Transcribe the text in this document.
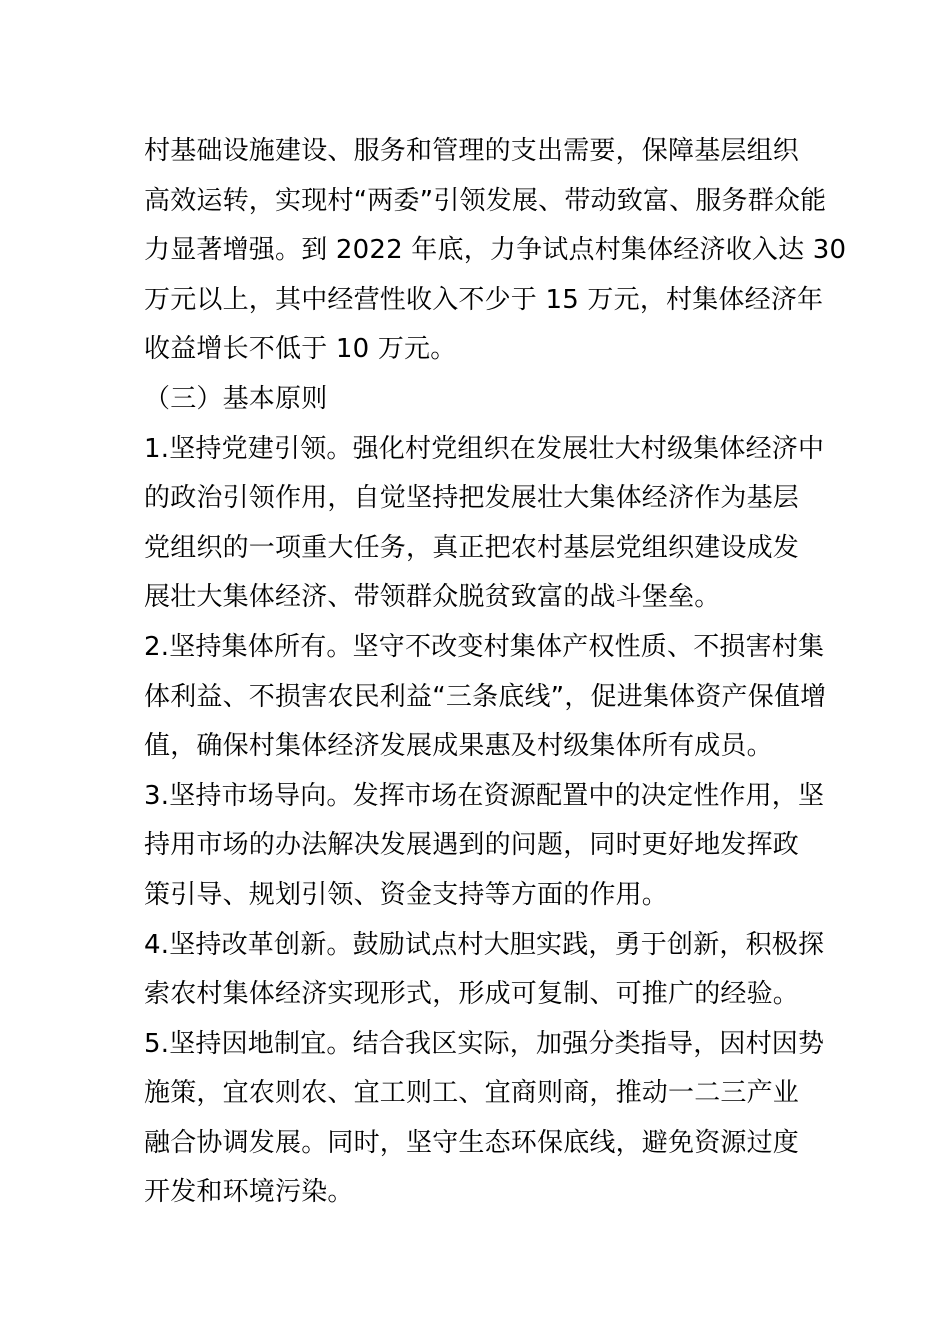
村基础设施建设、服务和管理的支出需要，保障基层组织
高效运转，实现村“两委”引领发展、带动致富、服务群众能
力显著增强。到 2022 年底，力争试点村集体经济收入达 30
万元以上，其中经营性收入不少于 15 万元，村集体经济年
收益增长不低于 10 万元。
（三）基本原则
1.坚持党建引领。强化村党组织在发展壮大村级集体经济中
的政治引领作用，自觉坚持把发展壮大集体经济作为基层
党组织的一项重大任务，真正把农村基层党组织建设成发
展壮大集体经济、带领群众脱贫致富的战斗堡垒。
2.坚持集体所有。坚守不改变村集体产权性质、不损害村集
体利益、不损害农民利益“三条底线”，促进集体资产保值增
值，确保村集体经济发展成果惠及村级集体所有成员。
3.坚持市场导向。发挥市场在资源配置中的决定性作用，坚
持用市场的办法解决发展遇到的问题，同时更好地发挥政
策引导、规划引领、资金支持等方面的作用。
4.坚持改革创新。鼓励试点村大胆实践，勇于创新，积极探
索农村集体经济实现形式，形成可复制、可推广的经验。
5.坚持因地制宜。结合我区实际，加强分类指导，因村因势
施策，宜农则农、宜工则工、宜商则商，推动一二三产业
融合协调发展。同时，坚守生态环保底线，避免资源过度
开发和环境污染。
